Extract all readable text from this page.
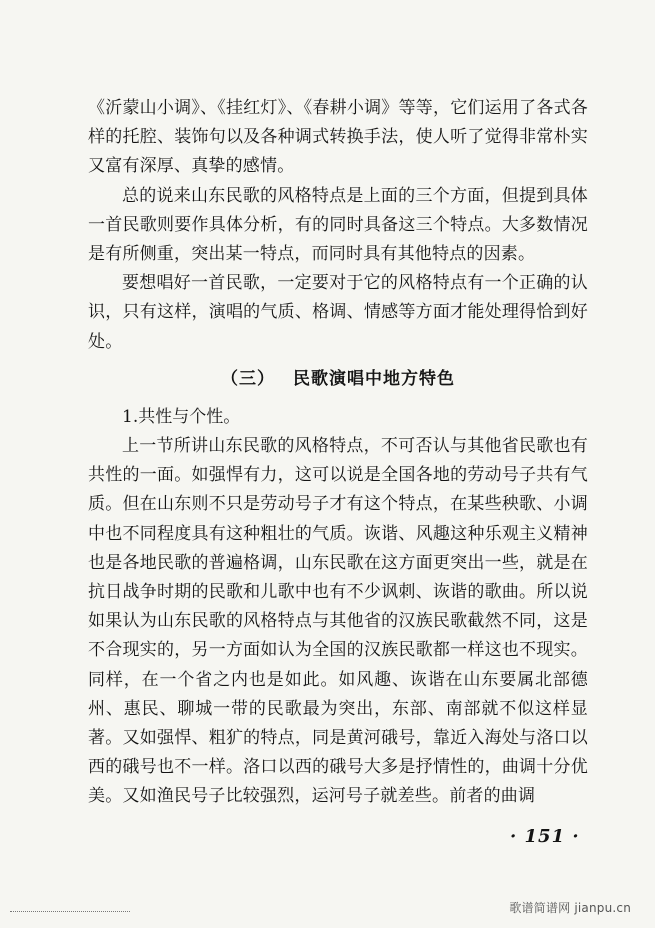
《沂蒙山小调》、《挂红灯》、《春耕小调》等等，它们运用了各式各样的托腔、装饰句以及各种调式转换手法，使人听了觉得非常朴实又富有深厚、真挚的感情。

总的说来山东民歌的风格特点是上面的三个方面，但提到具体一首民歌则要作具体分析，有的同时具备这三个特点。大多数情况是有所侧重，突出某一特点，而同时具有其他特点的因素。

要想唱好一首民歌，一定要对于它的风格特点有一个正确的认识，只有这样，演唱的气质、格调、情感等方面才能处理得恰到好处。

（三） 民歌演唱中地方特色

1.共性与个性。

上一节所讲山东民歌的风格特点，不可否认与其他省民歌也有共性的一面。如强悍有力，这可以说是全国各地的劳动号子共有气质。但在山东则不只是劳动号子才有这个特点，在某些秧歌、小调中也不同程度具有这种粗壮的气质。诙谐、风趣这种乐观主义精神也是各地民歌的普遍格调，山东民歌在这方面更突出一些，就是在抗日战争时期的民歌和儿歌中也有不少讽刺、诙谐的歌曲。所以说如果认为山东民歌的风格特点与其他省的汉族民歌截然不同，这是不合现实的，另一方面如认为全国的汉族民歌都一样这也不现实。同样，在一个省之内也是如此。如风趣、诙谐在山东要属北部德州、惠民、聊城一带的民歌最为突出，东部、南部就不似这样显著。又如强悍、粗犷的特点，同是黄河硪号，靠近入海处与洛口以西的硪号也不一样。洛口以西的硪号大多是抒情性的，曲调十分优美。又如渔民号子比较强烈，运河号子就差些。前者的曲调

· 151 ·
歌谱简谱网 jianpu.cn
